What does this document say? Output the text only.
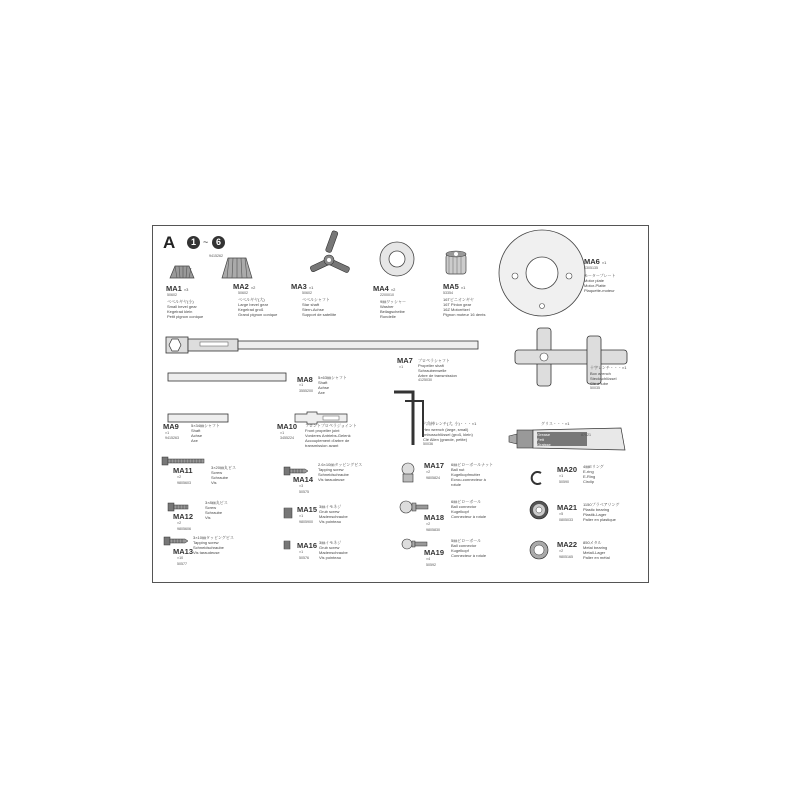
A	1 ~ 6
9415262
MA1 ×3
50602
ベベルギヤ(小)
Small bevel gear
Kegelrad klein
Petit pignon conique
MA2 ×2
50602
ベベルギヤ(大)
Large bevel gear
Kegelrad groß
Grand pignon conique
MA3 ×1
50602
ベベルシャフト
Star shaft
Stern-Achse
Support de satellite
MA4 ×2
2200010
9㎜ワッシャー
Washer
Beilagscheibe
Rondelle
MA5 ×1
53354
16Tピニオンギヤ
16T Pinion gear
16Z Motorritzel
Pignon moteur 16 dents
MA6 ×1
4305135
モータープレート
Motor plate
Motor-Platte
Plaquette-moteur
MA7
×1
プロペラシャフト
Propeller shaft
Schraubenwelle
Arbre de transmission
4125030
十字レンチ・・・×1
Box wrench
Steckschlüssel
Clé à tube
50035
MA8
×1
3555200
5×63㎜シャフト
Shaft
Achse
Axe
六角棒レンチ(大, 小)・・・×1
Hex wrench (large, small)
Imbusschlüssel (groß, klein)
Clé Allen (grande, petite)
50036
グリス・・・×1
Grease
Fett
Graisse
87021
MA9
×1
9415263
5×34㎜シャフト
Shaft
Achse
Axe
MA10
×1
3455224
フロントプロペラジョイント
Front propeller joint
Vorderes Antriebs-Gelenk
Accouplement d'arbre de
transmission avant
MA11
×2
9805603
3×20㎜丸ビス
Screw
Schraube
Vis
MA12
×2
9805606
3×8㎜丸ビス
Screw
Schraube
Vis
MA13
×10
50577
3×10㎜タッピングビス
Tapping screw
Schneidschraube
Vis taraudeuse
MA14
×3
50575
2.6×10㎜タッピングビス
Tapping screw
Schneidschraube
Vis taraudeuse
MA15
×1
9805900
3㎜イモネジ
Grub screw
Madenschraube
Vis pointeau
MA16
×1
50576
3㎜イモネジ
Grub screw
Madenschraube
Vis pointeau
MA17
×2
9805824
6㎜ピローボールナット
Ball nut
Kugelkopfmutter
Ecrou-connecteur à
rotule
MA18
×2
9805830
6㎜ピローボール
Ball connector
Kugelkopf
Connecteur à rotule
MA19
×4
50592
5㎜ピローボール
Ball connector
Kugelkopf
Connecteur à rotule
MA20
×1
50590
4㎜Eリング
E-ring
E-Ring
Circlip
MA21
×5
0805033
1150プラベアリング
Plastic bearing
Plastik-Lager
Palier en plastique
MA22
×2
9805165
850メタル
Metal bearing
Metall-Lager
Palier en métal
